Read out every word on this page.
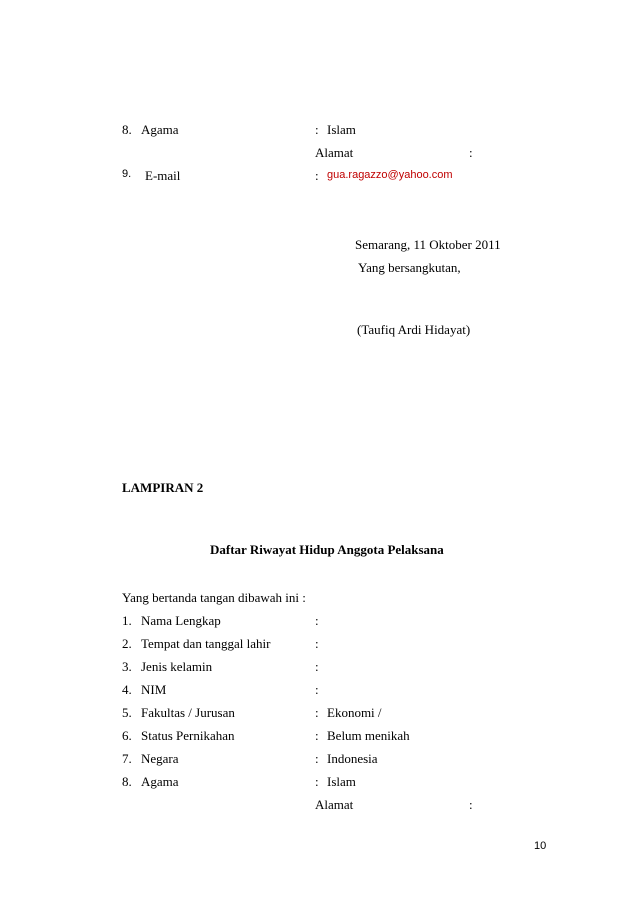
8. Agama	: Islam
Alamat	:
9. E-mail	: gua.ragazzo@yahoo.com
Semarang, 11 Oktober 2011
Yang bersangkutan,
(Taufiq Ardi Hidayat)
LAMPIRAN 2
Daftar Riwayat Hidup Anggota Pelaksana
Yang bertanda tangan dibawah ini :
1. Nama Lengkap	:
2. Tempat dan tanggal lahir	:
3. Jenis kelamin	:
4. NIM	:
5. Fakultas / Jurusan	: Ekonomi /
6. Status Pernikahan	: Belum menikah
7. Negara	: Indonesia
8. Agama	: Islam
Alamat	:
10
